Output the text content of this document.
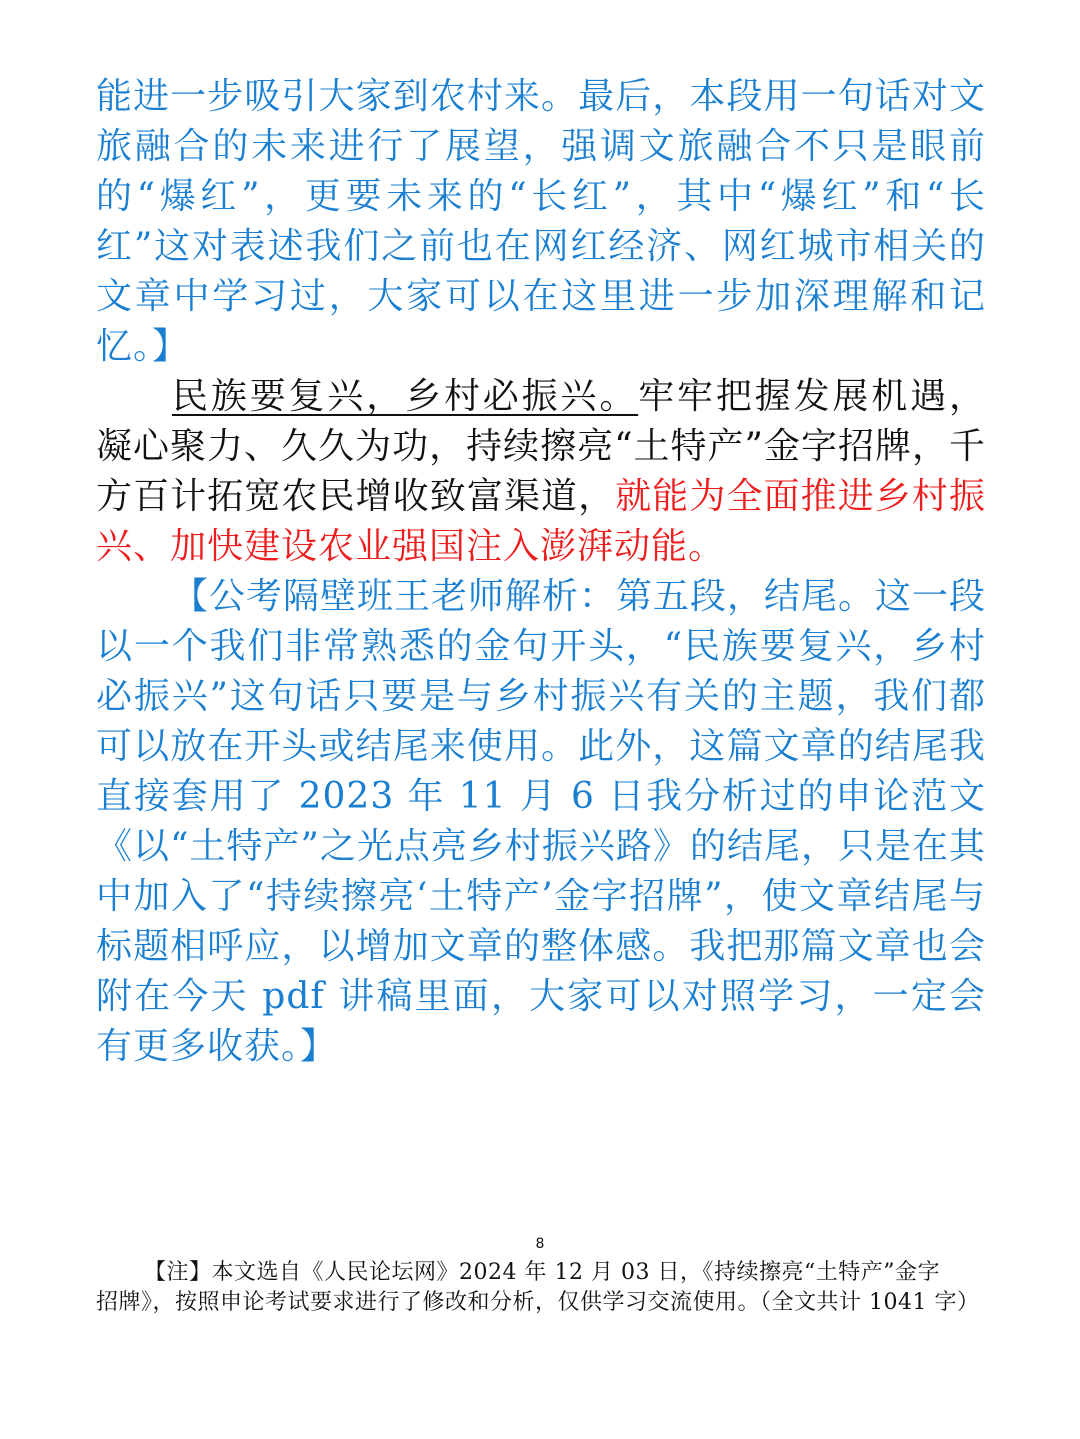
能进一步吸引大家到农村来。最后，本段用一句话对文旅融合的未来进行了展望，强调文旅融合不只是眼前的“爆红”，更要未来的“长红”，其中“爆红”和“长红”这对表述我们之前也在网红经济、网红城市相关的文章中学习过，大家可以在这里进一步加深理解和记忆。】

民族要复兴，乡村必振兴。牢牢把握发展机遇，凝心聚力、久久为功，持续擦亮“土特产”金字招牌，千方百计拓宽农民增收致富渠道，就能为全面推进乡村振兴、加快建设农业强国注入澎湃动能。

【公考隔壁班王老师解析：第五段，结尾。这一段以一个我们非常熟悉的金句开头，“民族要复兴，乡村必振兴”这句话只要是与乡村振兴有关的主题，我们都可以放在开头或结尾来使用。此外，这篇文章的结尾我直接套用了 2023 年 11 月 6 日我分析过的申论范文《以“土特产”之光点亮乡村振兴路》的结尾，只是在其中加入了“持续擦亮‘土特产’金字招牌”，使文章结尾与标题相呼应，以增加文章的整体感。我把那篇文章也会附在今天 pdf 讲稿里面，大家可以对照学习，一定会有更多收获。】

8
【注】本文选自《人民论坛网》2024 年 12 月 03 日，《持续擦亮“土特产”金字
招牌》，按照申论考试要求进行了修改和分析，仅供学习交流使用。（全文共计 1041 字）
